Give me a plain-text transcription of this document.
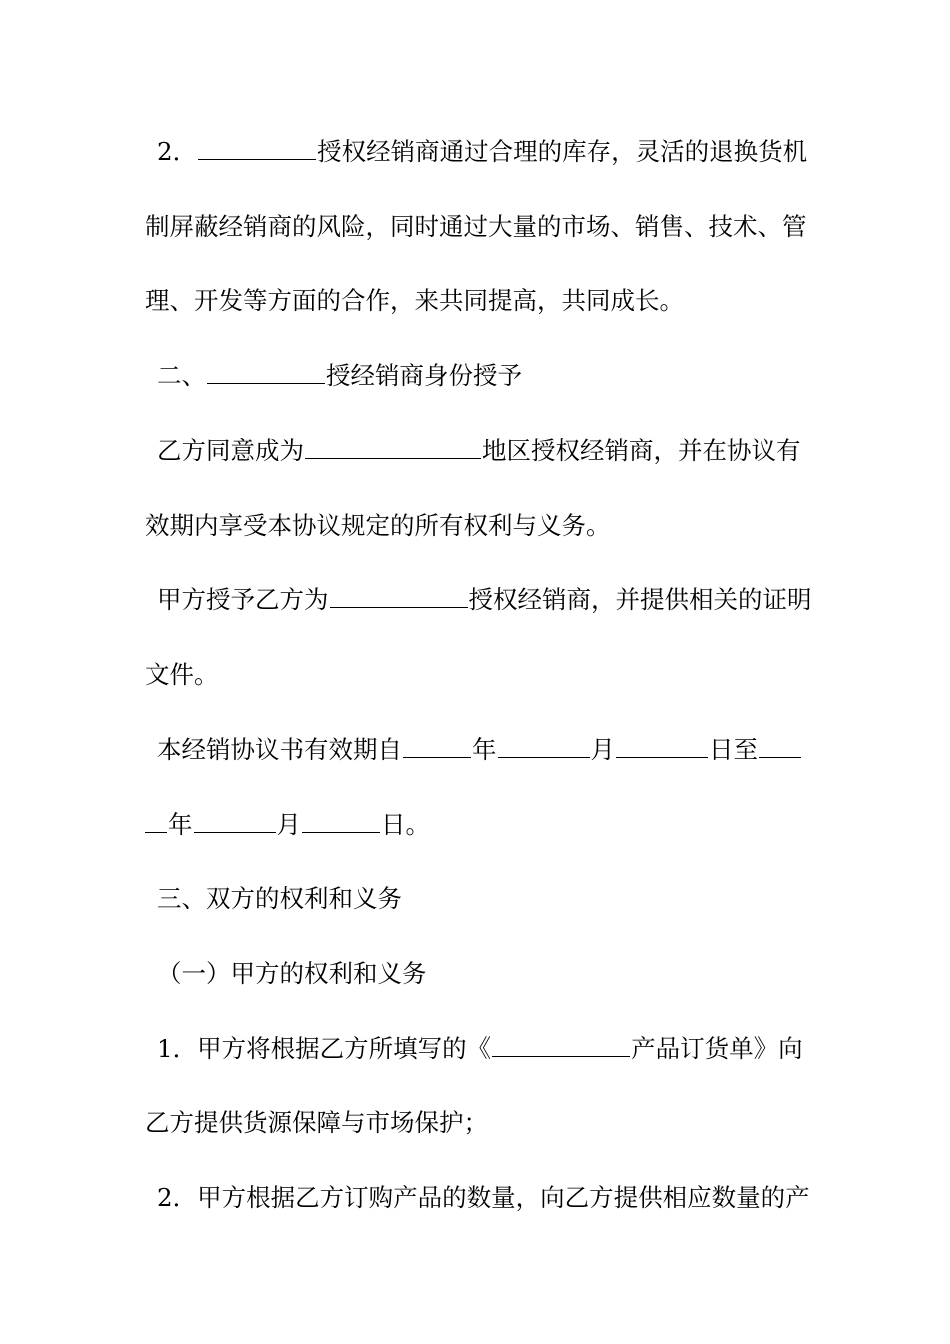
2．	授权经销商通过合理的库存，灵活的退换货机
制屏蔽经销商的风险，同时通过大量的市场、销售、技术、管
理、开发等方面的合作，来共同提高，共同成长。
二、	授经销商身份授予
乙方同意成为	地区授权经销商，并在协议有
效期内享受本协议规定的所有权利与义务。
甲方授予乙方为	授权经销商，并提供相关的证明
文件。
本经销协议书有效期自	年	月	日至
年	月	日。
三、双方的权利和义务
（一）甲方的权利和义务
1．甲方将根据乙方所填写的《	产品订货单》向
乙方提供货源保障与市场保护；
2．甲方根据乙方订购产品的数量，向乙方提供相应数量的产
